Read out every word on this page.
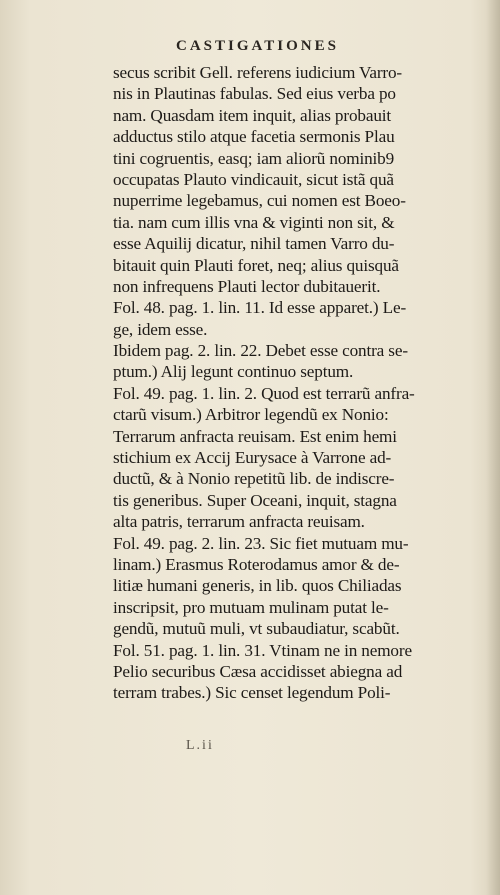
CASTIGATIONES
secus scribit Gell. referens iudicium Varro-
nis in Plautinas fabulas. Sed eius verba po
nam. Quasdam item inquit, alias probauit
adductus stilo atque facetia sermonis Plau
tini cogruentis, easq; iam aliorũ nominib9
occupatas Plauto vindicauit, sicut istã quã
nuperrime legebamus, cui nomen est Boeo-
tia. nam cum illis vna & viginti non sit, &
esse Aquilij dicatur, nihil tamen Varro du-
bitauit quin Plauti foret, neq; alius quisquã
non infrequens Plauti lector dubitauerit.
Fol. 48. pag. 1. lin. 11. Id esse apparet.) Le-
ge, idem esse.
Ibidem pag. 2. lin. 22. Debet esse contra se-
ptum.) Alij legunt continuo septum.
Fol. 49. pag. 1. lin. 2. Quod est terrarũ anfra-
ctarũ visum.) Arbitror legendũ ex Nonio:
Terrarum anfracta reuisam. Est enim hemi
stichium ex Accij Eurysace à Varrone ad-
ductũ, & à Nonio repetitũ lib. de indiscre-
tis generibus. Super Oceani, inquit, stagna
alta patris, terrarum anfracta reuisam.
Fol. 49. pag. 2. lin. 23. Sic fiet mutuam mu-
linam.) Erasmus Roterodamus amor & de-
litiæ humani generis, in lib. quos Chiliadas
inscripsit, pro mutuam mulinam putat le-
gendũ, mutuũ muli, vt subaudiatur, scabũt.
Fol. 51. pag. 1. lin. 31. Vtinam ne in nemore
Pelio securibus Cæsa accidisset abiegna ad
terram trabes.) Sic censet legendum Poli-
L.ii
